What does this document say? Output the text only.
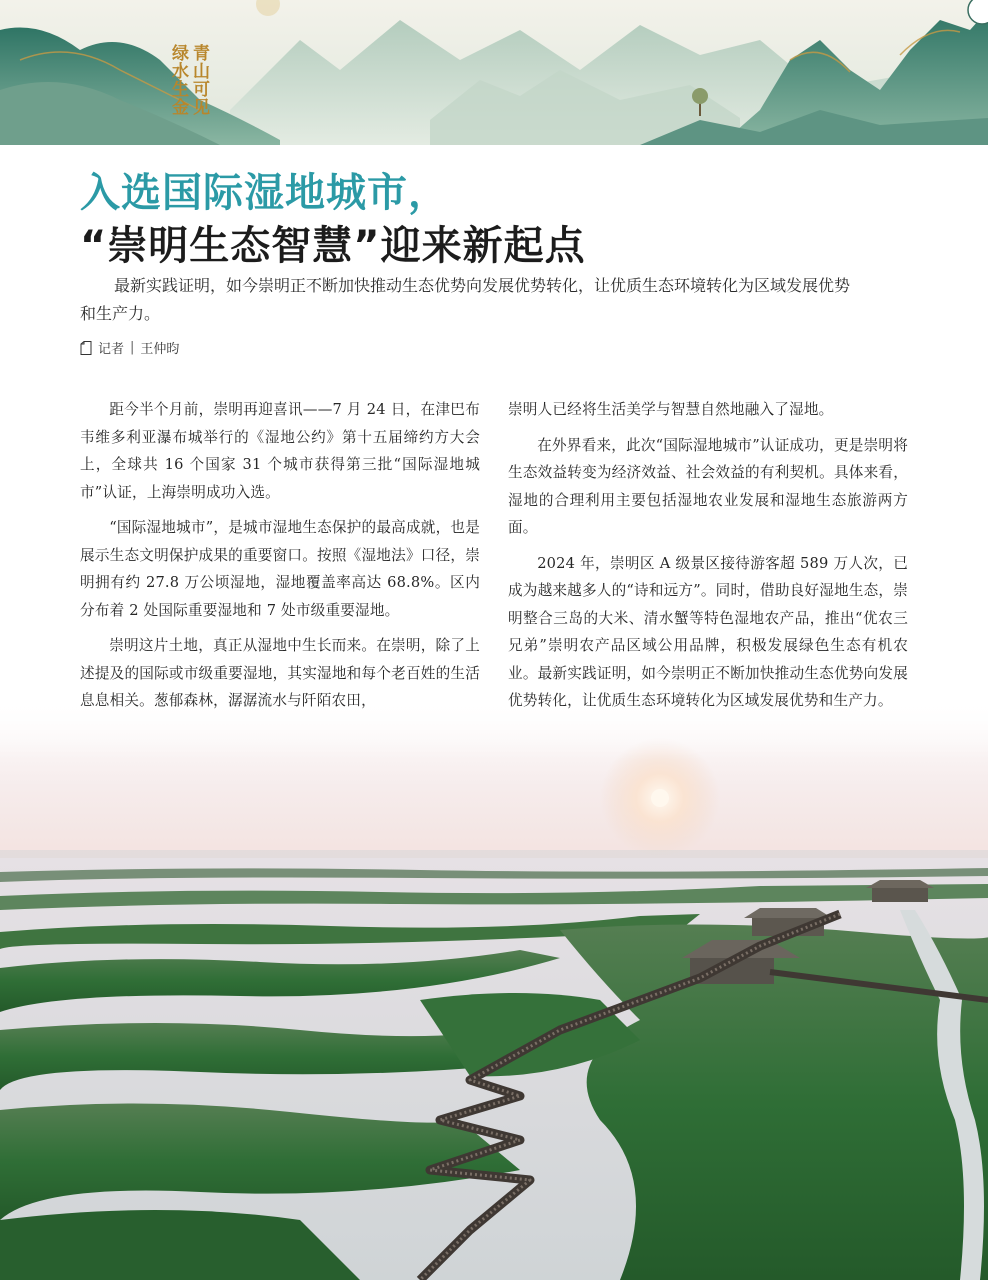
青山可见
绿水生金
入选国际湿地城市，
“崇明生态智慧”迎来新起点

最新实践证明，如今崇明正不断加快推动生态优势向发展优势转化，让优质生态环境转化为区域发展优势和生产力。

记者 | 王仲昀

距今半个月前，崇明再迎喜讯——7 月 24 日，在津巴布韦维多利亚瀑布城举行的《湿地公约》第十五届缔约方大会上，全球共 16 个国家 31 个城市获得第三批“国际湿地城市”认证，上海崇明成功入选。

“国际湿地城市”，是城市湿地生态保护的最高成就，也是展示生态文明保护成果的重要窗口。按照《湿地法》口径，崇明拥有约 27.8 万公顷湿地，湿地覆盖率高达 68.8%。区内分布着 2 处国际重要湿地和 7 处市级重要湿地。

崇明这片土地，真正从湿地中生长而来。在崇明，除了上述提及的国际或市级重要湿地，其实湿地和每个老百姓的生活息息相关。葱郁森林，潺潺流水与阡陌农田，

崇明人已经将生活美学与智慧自然地融入了湿地。

在外界看来，此次“国际湿地城市”认证成功，更是崇明将生态效益转变为经济效益、社会效益的有利契机。具体来看，湿地的合理利用主要包括湿地农业发展和湿地生态旅游两方面。

2024 年，崇明区 A 级景区接待游客超 589 万人次，已成为越来越多人的“诗和远方”。同时，借助良好湿地生态，崇明整合三岛的大米、清水蟹等特色湿地农产品，推出“优农三兄弟”崇明农产品区域公用品牌，积极发展绿色生态有机农业。最新实践证明，如今崇明正不断加快推动生态优势向发展优势转化，让优质生态环境转化为区域发展优势和生产力。
